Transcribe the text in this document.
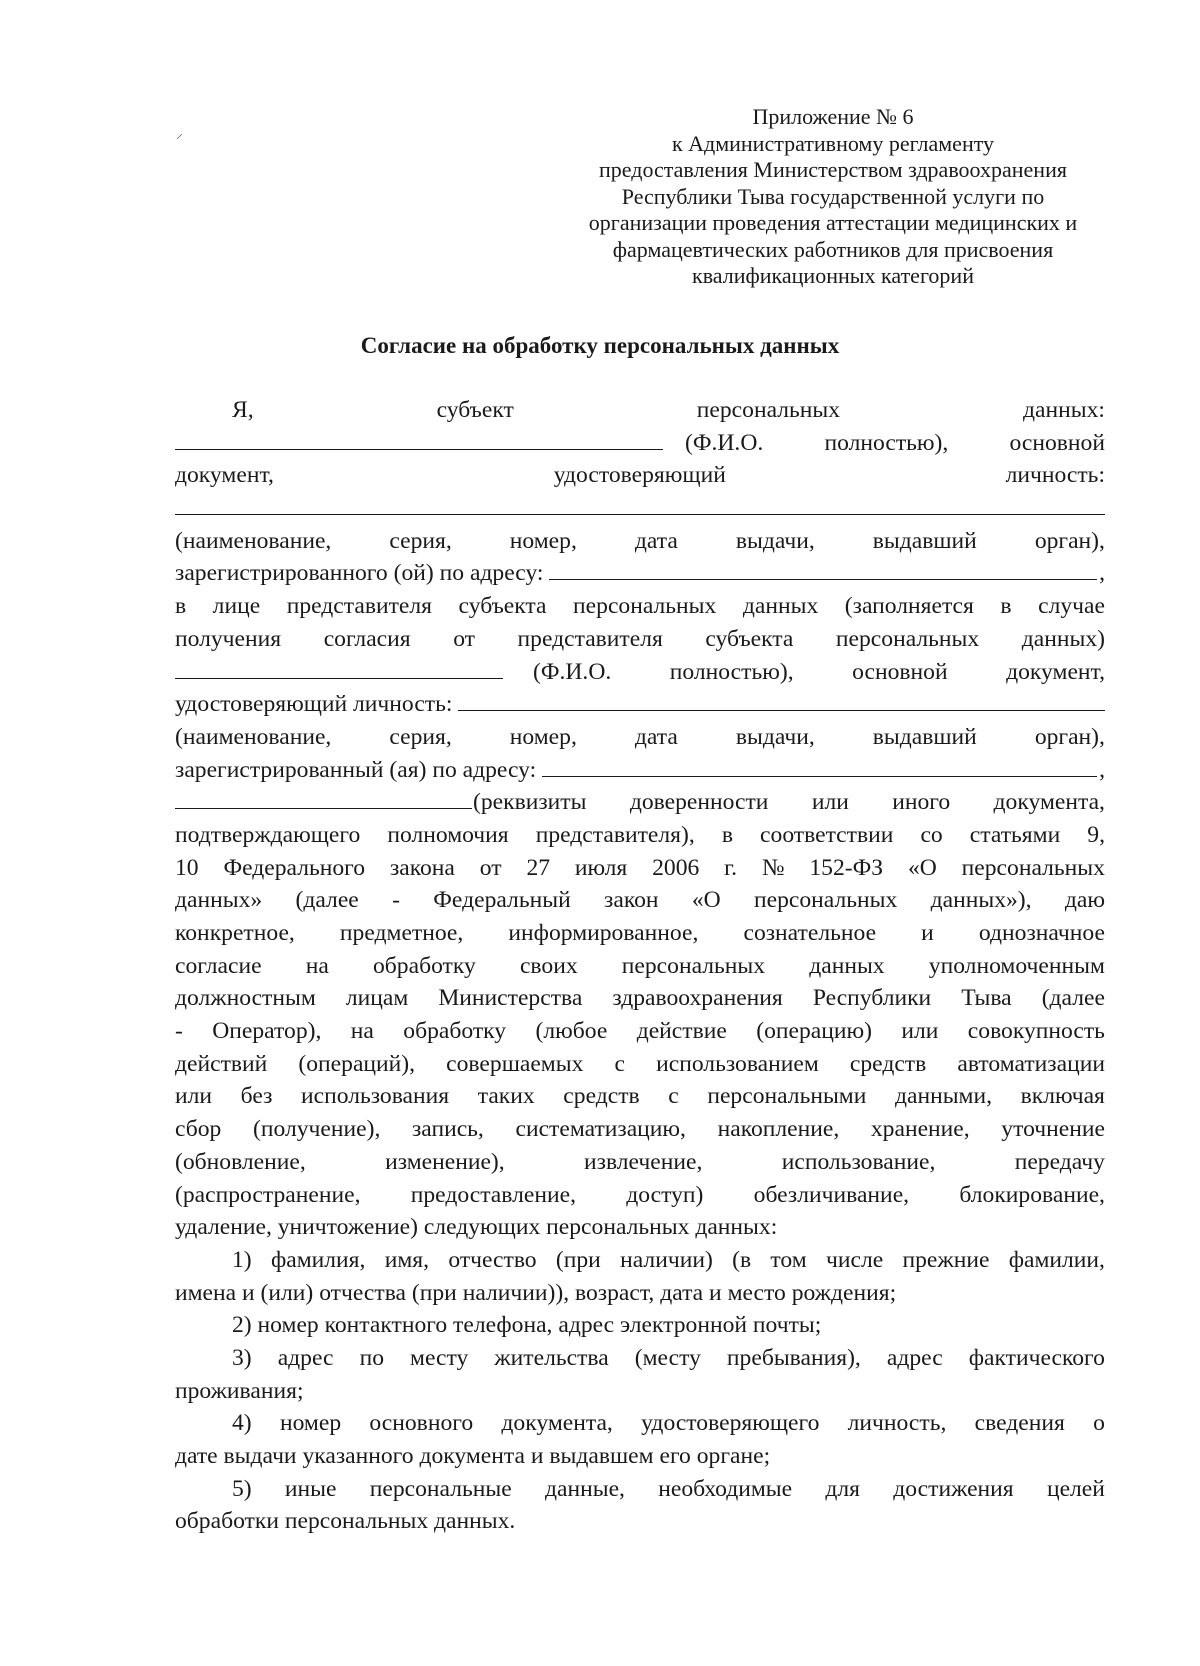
⸝
Приложение № 6
к Административному регламенту
предоставления Министерством здравоохранения
Республики Тыва государственной услуги по
организации проведения аттестации медицинских и
фармацевтических работников для присвоения
квалификационных категорий
Согласие на обработку персональных данных
Я,	субъект	персональных	данных:
(Ф.И.О.	полностью),	основной
документ,	удостоверяющий	личность:
(наименование, серия, номер, дата выдачи, выдавший орган),
зарегистрированного (ой) по адресу:	,
в лице представителя субъекта персональных данных (заполняется в случае
получения согласия от представителя субъекта персональных данных)
(Ф.И.О. полностью), основной документ,
удостоверяющий личность:
(наименование, серия, номер, дата выдачи, выдавший орган),
зарегистрированный (ая) по адресу:	,
(реквизиты доверенности или иного документа,
подтверждающего полномочия представителя), в соответствии со статьями 9,
10 Федерального закона от 27 июля 2006 г. № 152-ФЗ «О персональных
данных» (далее - Федеральный закон «О персональных данных»), даю
конкретное, предметное, информированное, сознательное и однозначное
согласие на обработку своих персональных данных уполномоченным
должностным лицам Министерства здравоохранения Республики Тыва (далее
- Оператор), на обработку (любое действие (операцию) или совокупность
действий (операций), совершаемых с использованием средств автоматизации
или без использования таких средств с персональными данными, включая
сбор (получение), запись, систематизацию, накопление, хранение, уточнение
(обновление,	изменение),	извлечение,	использование,	передачу
(распространение, предоставление, доступ) обезличивание, блокирование,
удаление, уничтожение) следующих персональных данных:
1) фамилия, имя, отчество (при наличии) (в том числе прежние фамилии,
имена и (или) отчества (при наличии)), возраст, дата и место рождения;
2) номер контактного телефона, адрес электронной почты;
3) адрес по месту жительства (месту пребывания), адрес фактического
проживания;
4) номер основного документа, удостоверяющего личность, сведения о
дате выдачи указанного документа и выдавшем его органе;
5) иные персональные данные, необходимые для достижения целей
обработки персональных данных.
